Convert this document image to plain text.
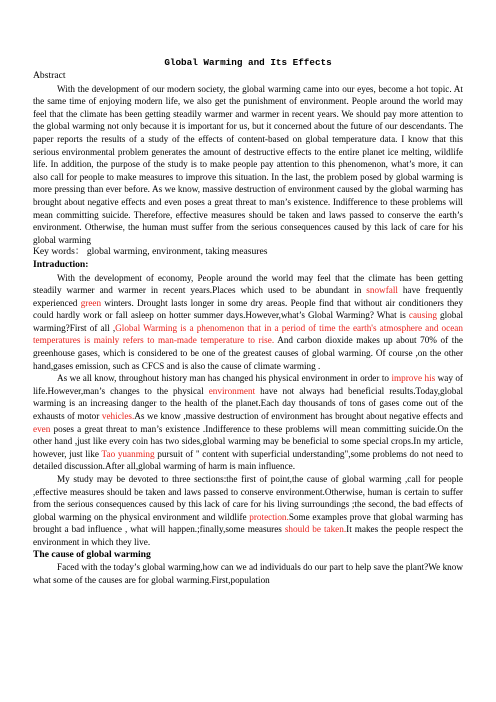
Global Warming and Its Effects
Abstract

With the development of our modern society, the global warming came into our eyes, become a hot topic. At the same time of enjoying modern life, we also get the punishment of environment. People around the world may feel that the climate has been getting steadily warmer and warmer in recent years. We should pay more attention to the global warming not only because it is important for us, but it concerned about the future of our descendants. The paper reports the results of a study of the effects of content-based on global temperature data. I know that this serious environmental problem generates the amount of destructive effects to the entire planet ice melting, wildlife life. In addition, the purpose of the study is to make people pay attention to this phenomenon, what’s more, it can also call for people to make measures to improve this situation. In the last, the problem posed by global warming is more pressing than ever before. As we know, massive destruction of environment caused by the global warming has brought about negative effects and even poses a great threat to man’s existence. Indifference to these problems will mean committing suicide. Therefore, effective measures should be taken and laws passed to conserve the earth’s environment. Otherwise, the human must suffer from the serious consequences caused by this lack of care for his global warming

Key words： global warming, environment, taking measures
Intraduction:

With the development of economy, People around the world may feel that the climate has been getting steadily warmer and warmer in recent years.Places which used to be abundant in snowfall have frequently experienced green winters. Drought lasts longer in some dry areas. People find that without air conditioners they could hardly work or fall asleep on hotter summer days.However,what’s Global Warming? What is causing global warming?First of all ,Global Warming is a phenomenon that in a period of time the earth's atmosphere and ocean temperatures is mainly refers to man-made temperature to rise. And carbon dioxide makes up about 70% of the greenhouse gases, which is considered to be one of the greatest causes of global warming. Of course ,on the other hand,gases emission, such as CFCS and is also the cause of climate warming .

As we all know, throughout history man has changed his physical environment in order to improve his way of life.However,man’s changes to the physical environment have not always had beneficial results.Today,global warming is an increasing danger to the health of the planet.Each day thousands of tons of gases come out of the exhausts of motor vehicles.As we know ,massive destruction of environment has brought about negative effects and even poses a great threat to man’s existence .Indifference to these problems will mean committing suicide.On the other hand ,just like every coin has two sides,global warming may be beneficial to some special crops.In my article, however, just like Tao yuanming pursuit of " content with superficial understanding",some problems do not need to detailed discussion.After all,global warming of harm is main influence.

My study may be devoted to three sections:the first of point,the cause of global warming ,call for people ,effective measures should be taken and laws passed to conserve environment.Otherwise, human is certain to suffer from the serious consequences caused by this lack of care for his living surroundings ;the second, the bad effects of global warming on the physical environment and wildlife protection.Some examples prove that global warming has brought a bad influence , what will happen.;finally,some measures should be taken.It makes the people respect the environment in which they live.

The cause of global warming

Faced with the today’s global warming,how can we ad individuals do our part to help save the plant?We know what some of the causes are for global warming.First,population
